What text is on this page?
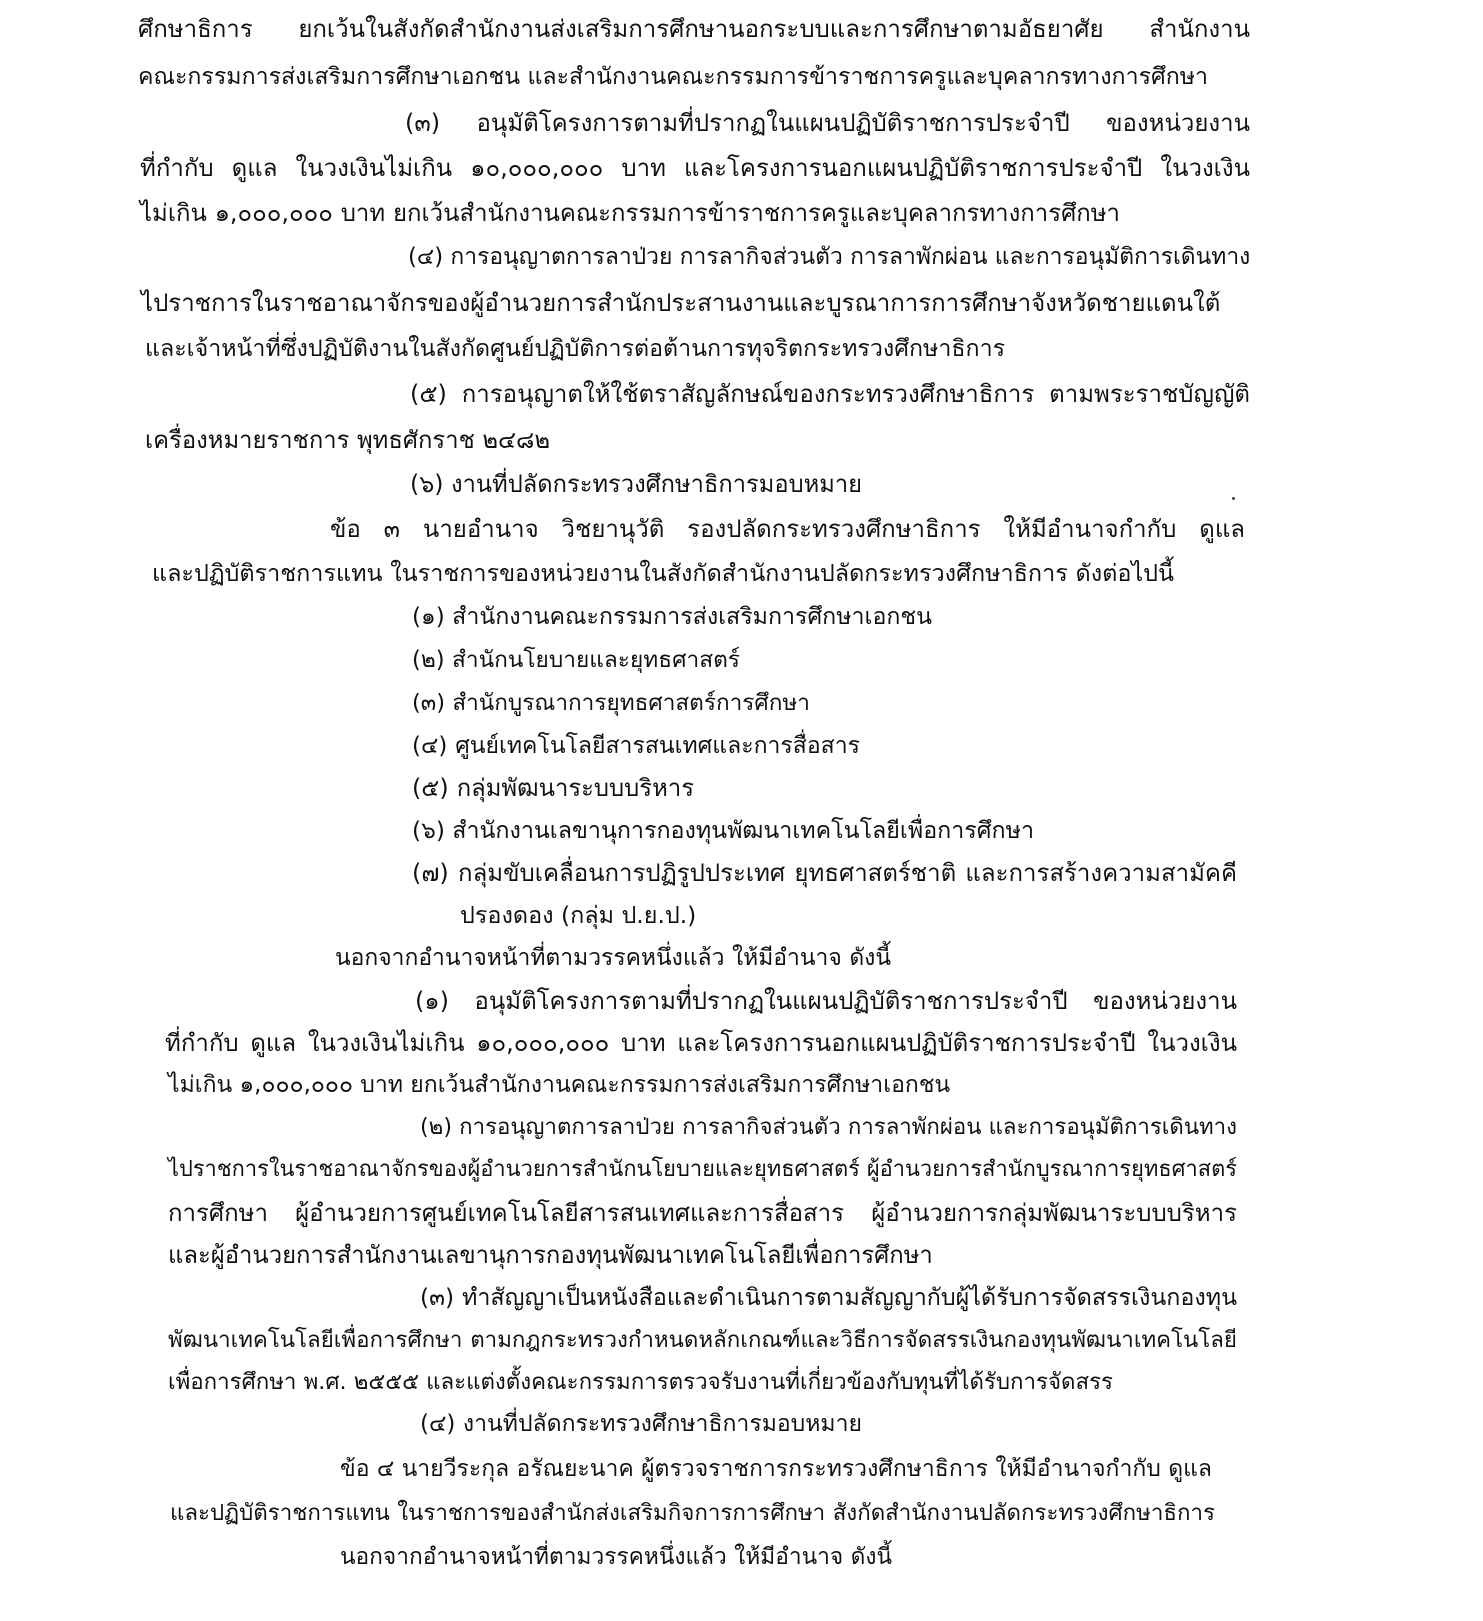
ศึกษาธิการ ยกเว้นในสังกัดสำนักงานส่งเสริมการศึกษานอกระบบและการศึกษาตามอัธยาศัย สำนักงาน
คณะกรรมการส่งเสริมการศึกษาเอกชน และสำนักงานคณะกรรมการข้าราชการครูและบุคลากรทางการศึกษา
(๓) อนุมัติโครงการตามที่ปรากฏในแผนปฏิบัติราชการประจำปี ของหน่วยงาน
ที่กำกับ ดูแล ในวงเงินไม่เกิน ๑๐,๐๐๐,๐๐๐ บาท และโครงการนอกแผนปฏิบัติราชการประจำปี ในวงเงิน
ไม่เกิน ๑,๐๐๐,๐๐๐ บาท ยกเว้นสำนักงานคณะกรรมการข้าราชการครูและบุคลากรทางการศึกษา
(๔) การอนุญาตการลาป่วย การลากิจส่วนตัว การลาพักผ่อน และการอนุมัติการเดินทาง
ไปราชการในราชอาณาจักรของผู้อำนวยการสำนักประสานงานและบูรณาการการศึกษาจังหวัดชายแดนใต้
และเจ้าหน้าที่ซึ่งปฏิบัติงานในสังกัดศูนย์ปฏิบัติการต่อต้านการทุจริตกระทรวงศึกษาธิการ
(๕) การอนุญาตให้ใช้ตราสัญลักษณ์ของกระทรวงศึกษาธิการ ตามพระราชบัญญัติ
เครื่องหมายราชการ พุทธศักราช ๒๔๘๒
(๖) งานที่ปลัดกระทรวงศึกษาธิการมอบหมาย
ข้อ ๓ นายอำนาจ วิชยานุวัติ รองปลัดกระทรวงศึกษาธิการ ให้มีอำนาจกำกับ ดูแล
และปฏิบัติราชการแทน ในราชการของหน่วยงานในสังกัดสำนักงานปลัดกระทรวงศึกษาธิการ ดังต่อไปนี้
(๑) สำนักงานคณะกรรมการส่งเสริมการศึกษาเอกชน
(๒) สำนักนโยบายและยุทธศาสตร์
(๓) สำนักบูรณาการยุทธศาสตร์การศึกษา
(๔) ศูนย์เทคโนโลยีสารสนเทศและการสื่อสาร
(๕) กลุ่มพัฒนาระบบบริหาร
(๖) สำนักงานเลขานุการกองทุนพัฒนาเทคโนโลยีเพื่อการศึกษา
(๗) กลุ่มขับเคลื่อนการปฏิรูปประเทศ ยุทธศาสตร์ชาติ และการสร้างความสามัคคี
ปรองดอง (กลุ่ม ป.ย.ป.)
นอกจากอำนาจหน้าที่ตามวรรคหนึ่งแล้ว ให้มีอำนาจ ดังนี้
(๑) อนุมัติโครงการตามที่ปรากฏในแผนปฏิบัติราชการประจำปี ของหน่วยงาน
ที่กำกับ ดูแล ในวงเงินไม่เกิน ๑๐,๐๐๐,๐๐๐ บาท และโครงการนอกแผนปฏิบัติราชการประจำปี ในวงเงิน
ไม่เกิน ๑,๐๐๐,๐๐๐ บาท ยกเว้นสำนักงานคณะกรรมการส่งเสริมการศึกษาเอกชน
(๒) การอนุญาตการลาป่วย การลากิจส่วนตัว การลาพักผ่อน และการอนุมัติการเดินทาง
ไปราชการในราชอาณาจักรของผู้อำนวยการสำนักนโยบายและยุทธศาสตร์ ผู้อำนวยการสำนักบูรณาการยุทธศาสตร์
การศึกษา ผู้อำนวยการศูนย์เทคโนโลยีสารสนเทศและการสื่อสาร ผู้อำนวยการกลุ่มพัฒนาระบบบริหาร
และผู้อำนวยการสำนักงานเลขานุการกองทุนพัฒนาเทคโนโลยีเพื่อการศึกษา
(๓) ทำสัญญาเป็นหนังสือและดำเนินการตามสัญญากับผู้ได้รับการจัดสรรเงินกองทุน
พัฒนาเทคโนโลยีเพื่อการศึกษา ตามกฎกระทรวงกำหนดหลักเกณฑ์และวิธีการจัดสรรเงินกองทุนพัฒนาเทคโนโลยี
เพื่อการศึกษา พ.ศ. ๒๕๕๕ และแต่งตั้งคณะกรรมการตรวจรับงานที่เกี่ยวข้องกับทุนที่ได้รับการจัดสรร
(๔) งานที่ปลัดกระทรวงศึกษาธิการมอบหมาย
ข้อ ๔ นายวีระกุล อรัณยะนาค ผู้ตรวจราชการกระทรวงศึกษาธิการ ให้มีอำนาจกำกับ ดูแล
และปฏิบัติราชการแทน ในราชการของสำนักส่งเสริมกิจการการศึกษา สังกัดสำนักงานปลัดกระทรวงศึกษาธิการ
นอกจากอำนาจหน้าที่ตามวรรคหนึ่งแล้ว ให้มีอำนาจ ดังนี้
